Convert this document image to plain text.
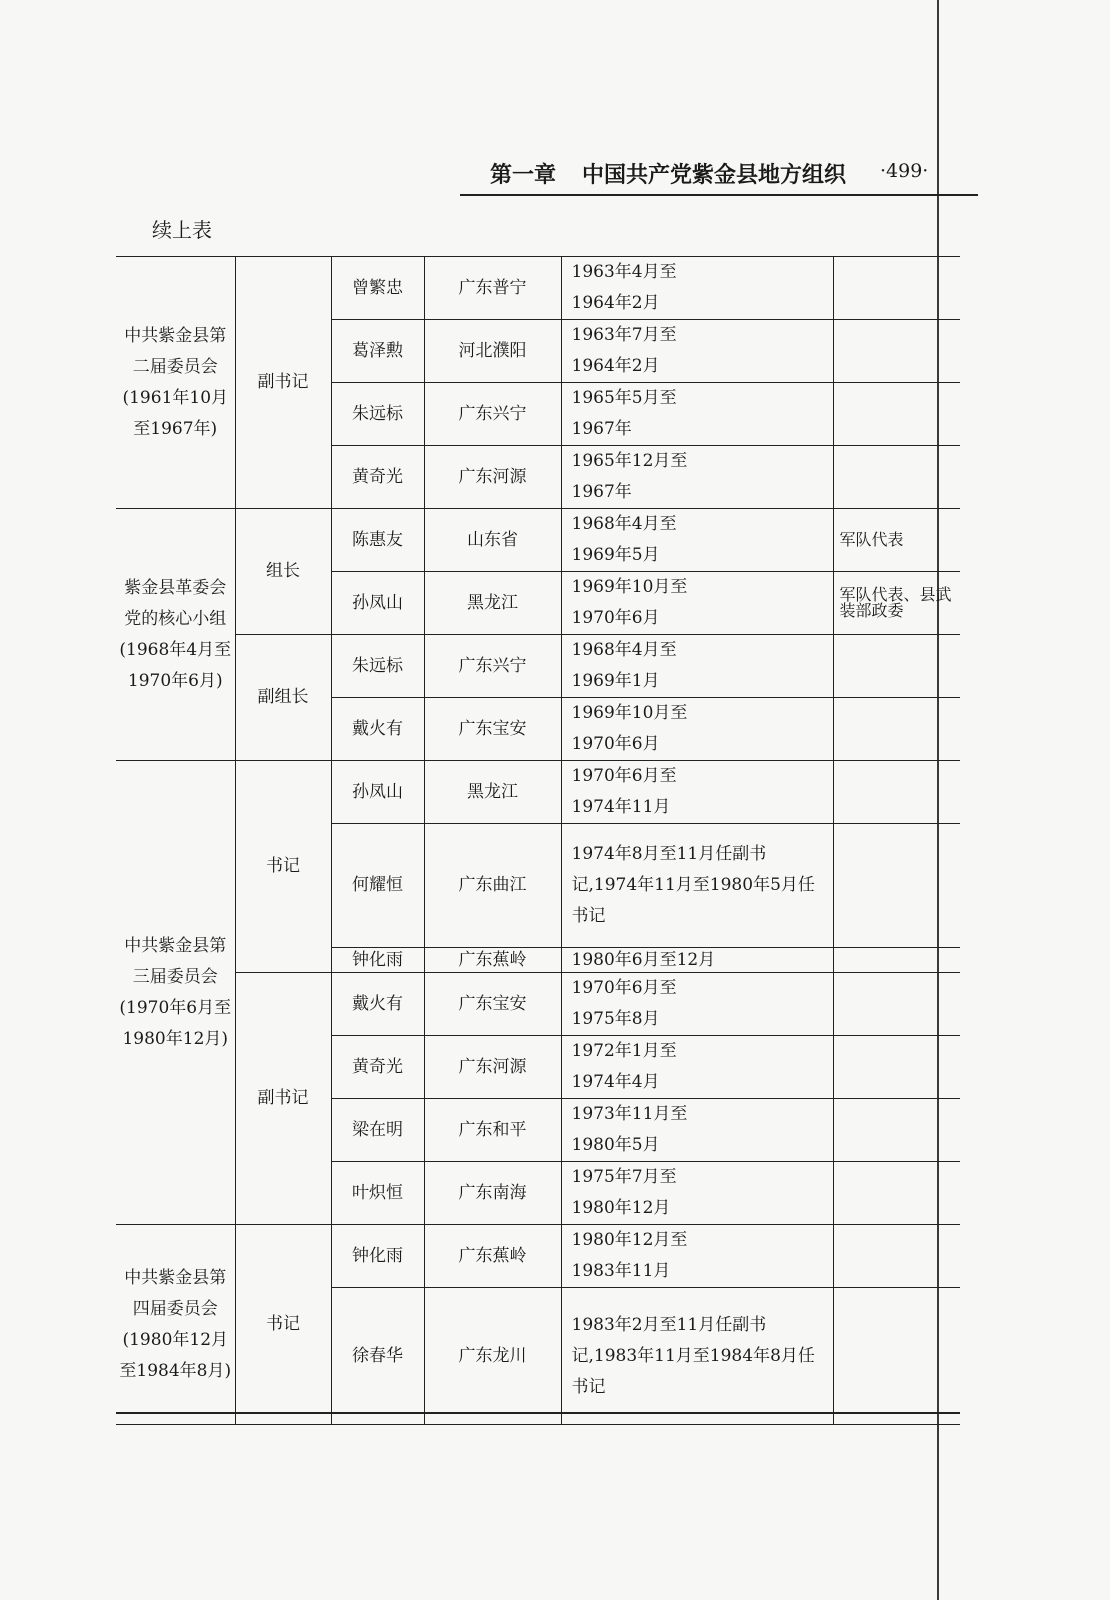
第一章 中国共产党紫金县地方组织 ·499·
续上表
中共紫金县第二届委员会(1961年10月至1967年)	副书记	曾繁忠	广东普宁	1963年4月至
1964年2月	
		葛泽勲	河北濮阳	1963年7月至
1964年2月	
		朱远标	广东兴宁	1965年5月至
1967年	
		黄奇光	广东河源	1965年12月至
1967年	
紫金县革委会党的核心小组(1968年4月至1970年6月)	组长	陈惠友	山东省	1968年4月至
1969年5月	军队代表
		孙凤山	黑龙江	1969年10月至
1970年6月	军队代表、县武装部政委
	副组长	朱远标	广东兴宁	1968年4月至
1969年1月	
		戴火有	广东宝安	1969年10月至
1970年6月	
中共紫金县第三届委员会(1970年6月至1980年12月)	书记	孙凤山	黑龙江	1970年6月至
1974年11月	
		何耀恒	广东曲江	1974年8月至11月任副书记,1974年11月至1980年5月任书记	
		钟化雨	广东蕉岭	1980年6月至12月	
	副书记	戴火有	广东宝安	1970年6月至
1975年8月	
		黄奇光	广东河源	1972年1月至
1974年4月	
		梁在明	广东和平	1973年11月至
1980年5月	
		叶炽恒	广东南海	1975年7月至
1980年12月	
中共紫金县第四届委员会(1980年12月至1984年8月)	书记	钟化雨	广东蕉岭	1980年12月至
1983年11月	
		徐春华	广东龙川	1983年2月至11月任副书记,1983年11月至1984年8月任书记	
